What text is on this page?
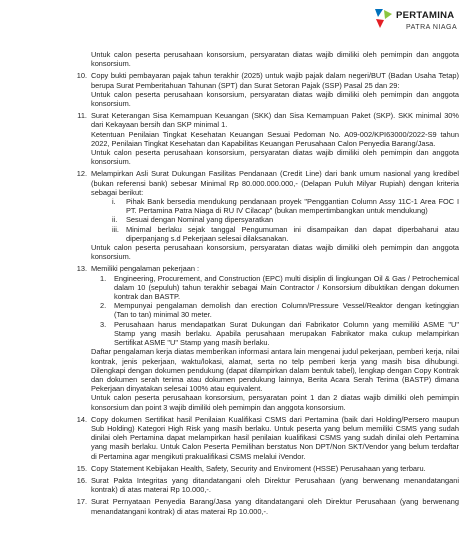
PERTAMINA
PATRA NIAGA
Untuk calon peserta perusahaan konsorsium, persyaratan diatas wajib dimiliki oleh pemimpin dan anggota konsorsium.
10. Copy bukti pembayaran pajak tahun terakhir (2025) untuk wajib pajak dalam negeri/BUT (Badan Usaha Tetap) berupa Surat Pemberitahuan Tahunan (SPT) dan Surat Setoran Pajak (SSP) Pasal 25 dan 29:
Untuk calon peserta perusahaan konsorsium, persyaratan diatas wajib dimiliki oleh pemimpin dan anggota konsorsium.
11. Surat Keterangan Sisa Kemampuan Keuangan (SKK) dan Sisa Kemampuan Paket (SKP). SKK minimal 30% dari Kekayaan bersih dan SKP minimal 1.
Ketentuan Penilaian Tingkat Kesehatan Keuangan Sesuai Pedoman No. A09-002/KPI63000/2022-S9 tahun 2022, Penilaian Tingkat Kesehatan dan Kapabilitas Keuangan Perusahaan Calon Penyedia Barang/Jasa.
Untuk calon peserta perusahaan konsorsium, persyaratan diatas wajib dimiliki oleh pemimpin dan anggota konsorsium.
12. Melampirkan Asli Surat Dukungan Fasilitas Pendanaan (Credit Line) dari bank umum nasional yang kredibel (bukan referensi bank) sebesar Minimal Rp 80.000.000.000,- (Delapan Puluh Milyar Rupiah) dengan kriteria sebagai berikut:
i.	Pihak Bank bersedia mendukung pendanaan proyek "Penggantian Column Assy 11C-1 Area FOC I PT. Pertamina Patra Niaga di RU IV Cilacap" (bukan mempertimbangkan untuk mendukung)
ii.	Sesuai dengan Nominal yang dipersyaratkan
iii. Minimal berlaku sejak tanggal Pengumuman ini disampaikan dan dapat diperbaharui atau diperpanjang s.d Pekerjaan selesai dilaksanakan.
Untuk calon peserta perusahaan konsorsium, persyaratan diatas wajib dimiliki oleh pemimpin dan anggota konsorsium.
13. Memiliki pengalaman pekerjaan :
1.	Engineering, Procurement, and Construction (EPC) multi disiplin di lingkungan Oil & Gas / Petrochemical dalam 10 (sepuluh) tahun terakhir sebagai Main Contractor / Konsorsium dibuktikan dengan dokumen kontrak dan BASTP.
2.	Mempunyai pengalaman demolish dan erection Column/Pressure Vessel/Reaktor dengan ketinggian (Tan to tan) minimal 30 meter.
3.	Perusahaan harus mendapatkan Surat Dukungan dari Fabrikator Column yang memiliki ASME "U" Stamp yang masih berlaku. Apabila perusahaan merupakan Fabrikator maka cukup melampirkan Sertifikat ASME "U" Stamp yang masih berlaku.
Daftar pengalaman kerja diatas memberikan informasi antara lain mengenai judul pekerjaan, pemberi kerja, nilai kontrak, jenis pekerjaan, waktu/lokasi, alamat, serta no telp pemberi kerja yang masih bisa dihubungi. Dilengkapi dengan dokumen pendukung (dapat dilampirkan dalam bentuk tabel), lengkap dengan Copy Kontrak dan dokumen serah terima atau dokumen pendukung lainnya, Berita Acara Serah Terima (BASTP) dimana Pekerjaan dinyatakan selesai 100% atau equivalent.
Untuk calon peserta perusahaan konsorsium, persyaratan point 1 dan 2 diatas wajib dimiliki oleh pemimpin konsorsium dan point 3 wajib dimiliki oleh pemimpin dan anggota konsorsium.
14. Copy dokumen Sertifikat hasil Penilaian Kualifikasi CSMS dari Pertamina (baik dari Holding/Persero maupun Sub Holding) Kategori High Risk yang masih berlaku. Untuk peserta yang belum memiliki CSMS yang sudah dinilai oleh Pertamina dapat melampirkan hasil penilaian kualifikasi CSMS yang sudah dinilai oleh Pertamina yang masih berlaku. Untuk Calon Peserta Pemilihan berstatus Non DPT/Non SKT/Vendor yang belum terdaftar di Pertamina agar mengikuti prakualifikasi CSMS melalui iVendor.
15. Copy Statement Kebijakan Health, Safety, Security and Enviroment (HSSE) Perusahaan yang terbaru.
16. Surat Pakta Integritas yang ditandatangani oleh Direktur Perusahaan (yang berwenang menandatangani kontrak) di atas materai Rp 10.000,-.
17. Surat Pernyataan Penyedia Barang/Jasa yang ditandatangani oleh Direktur Perusahaan (yang berwenang menandatangani kontrak) di atas materai Rp 10.000,-.
